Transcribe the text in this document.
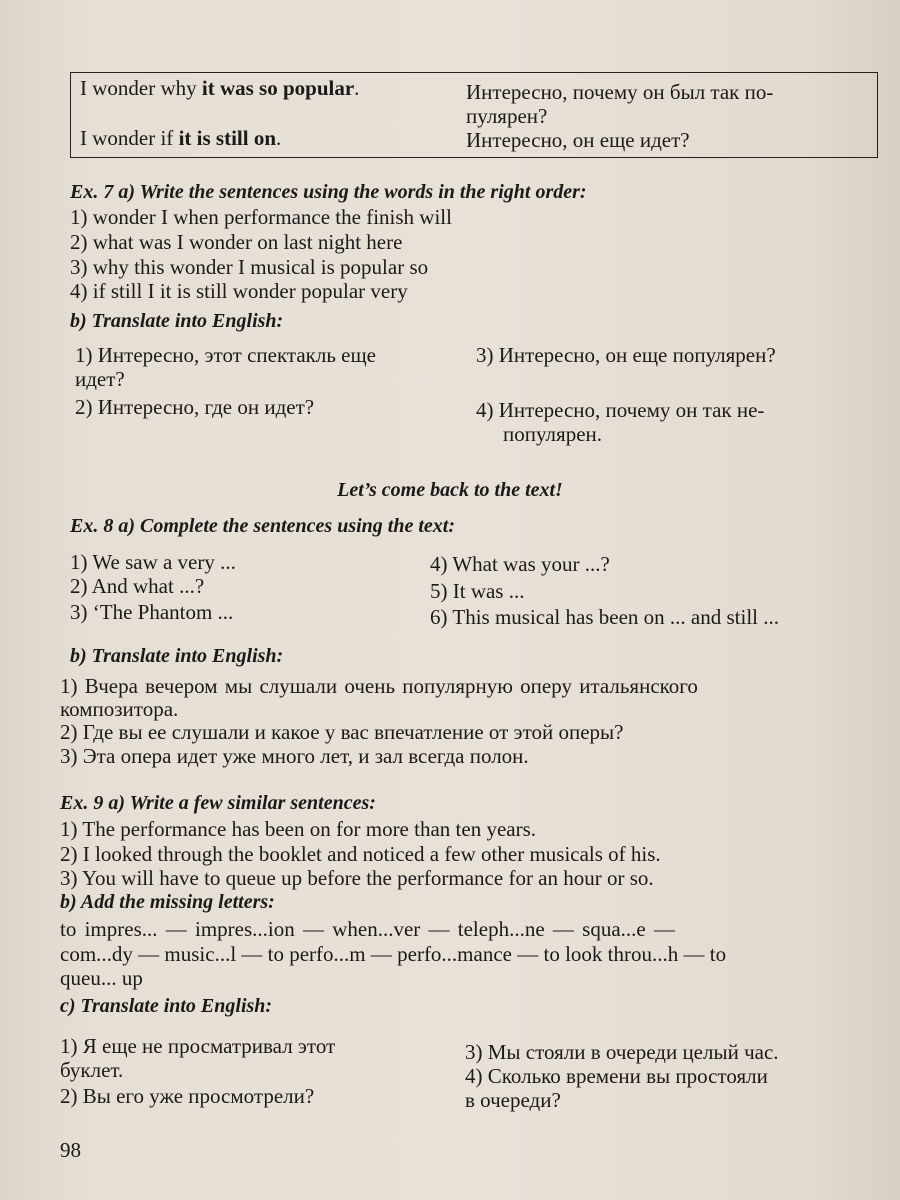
I wonder why it was so popular.	Интересно, почему он был так по-
пулярен?
I wonder if it is still on.	Интересно, он еще идет?
Ex. 7 a) Write the sentences using the words in the right order:
1) wonder I when performance the finish will
2) what was I wonder on last night here
3) why this wonder I musical is popular so
4) if still I it is still wonder popular very
b) Translate into English:
1) Интересно, этот спектакль еще
идет?
3) Интересно, он еще популярен?
2) Интересно, где он идет?	4) Интересно, почему он так не-
популярен.
Let’s come back to the text!
Ex. 8 a) Complete the sentences using the text:
1) We saw a very ...
2) And what ...?
3) ‘The Phantom ...
4) What was your ...?
5) It was ...
6) This musical has been on ... and still ...
b) Translate into English:
1) Вчера вечером мы слушали очень популярную оперу итальянского
композитора.
2) Где вы ее слушали и какое у вас впечатление от этой оперы?
3) Эта опера идет уже много лет, и зал всегда полон.
Ex. 9 a) Write a few similar sentences:
1) The performance has been on for more than ten years.
2) I looked through the booklet and noticed a few other musicals of his.
3) You will have to queue up before the performance for an hour or so.
b) Add the missing letters:
to impres... — impres...ion — when...ver — teleph...ne — squa...e —
com...dy — music...l — to perfo...m — perfo...mance — to look throu...h — to
queu... up
c) Translate into English:
1) Я еще не просматривал этот
буклет.
2) Вы его уже просмотрели?
3) Мы стояли в очереди целый час.
4) Сколько времени вы простояли
в очереди?
98
